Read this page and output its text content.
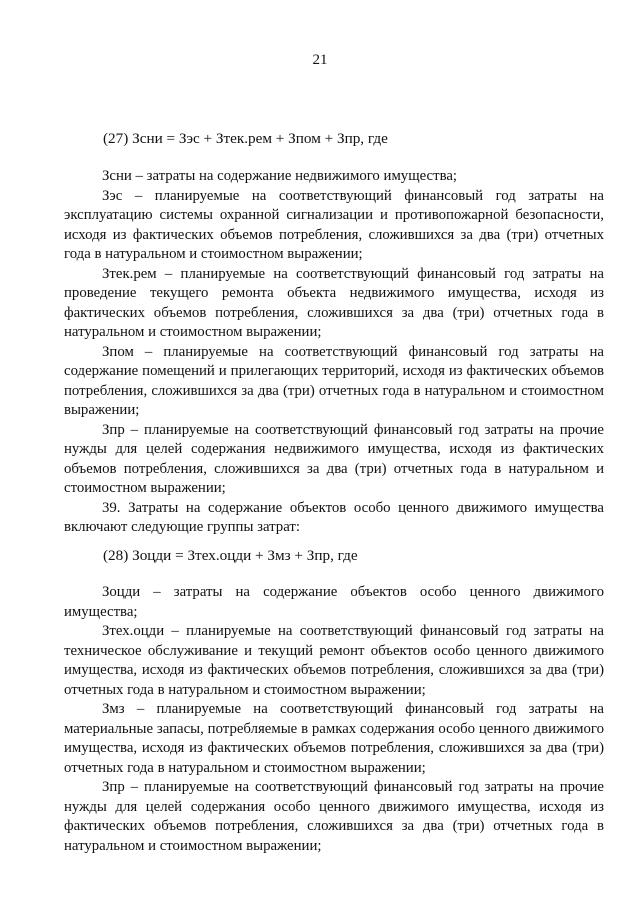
21
(27) Зсни = Зэс + Зтек.рем + Зпом + Зпр, где

Зсни – затраты на содержание недвижимого имущества;

Зэс – планируемые на соответствующий финансовый год затраты на эксплуатацию системы охранной сигнализации и противопожарной безопасности, исходя из фактических объемов потребления, сложившихся за два (три) отчетных года в натуральном и стоимостном выражении;

Зтек.рем – планируемые на соответствующий финансовый год затраты на проведение текущего ремонта объекта недвижимого имущества, исходя из фактических объемов потребления, сложившихся за два (три) отчетных года в натуральном и стоимостном выражении;

Зпом – планируемые на соответствующий финансовый год затраты на содержание помещений и прилегающих территорий, исходя из фактических объемов потребления, сложившихся за два (три) отчетных года в натуральном и стоимостном выражении;

Зпр – планируемые на соответствующий финансовый год затраты на прочие нужды для целей содержания недвижимого имущества, исходя из фактических объемов потребления, сложившихся за два (три) отчетных года в натуральном и стоимостном выражении;

39. Затраты на содержание объектов особо ценного движимого имущества включают следующие группы затрат:

(28) Зоцди = Зтех.оцди + Змз + Зпр, где

Зоцди – затраты на содержание объектов особо ценного движимого имущества;

Зтех.оцди – планируемые на соответствующий финансовый год затраты на техническое обслуживание и текущий ремонт объектов особо ценного движимого имущества, исходя из фактических объемов потребления, сложившихся за два (три) отчетных года в натуральном и стоимостном выражении;

Змз – планируемые на соответствующий финансовый год затраты на материальные запасы, потребляемые в рамках содержания особо ценного движимого имущества, исходя из фактических объемов потребления, сложившихся за два (три) отчетных года в натуральном и стоимостном выражении;

Зпр – планируемые на соответствующий финансовый год затраты на прочие нужды для целей содержания особо ценного движимого имущества, исходя из фактических объемов потребления, сложившихся за два (три) отчетных года в натуральном и стоимостном выражении;
